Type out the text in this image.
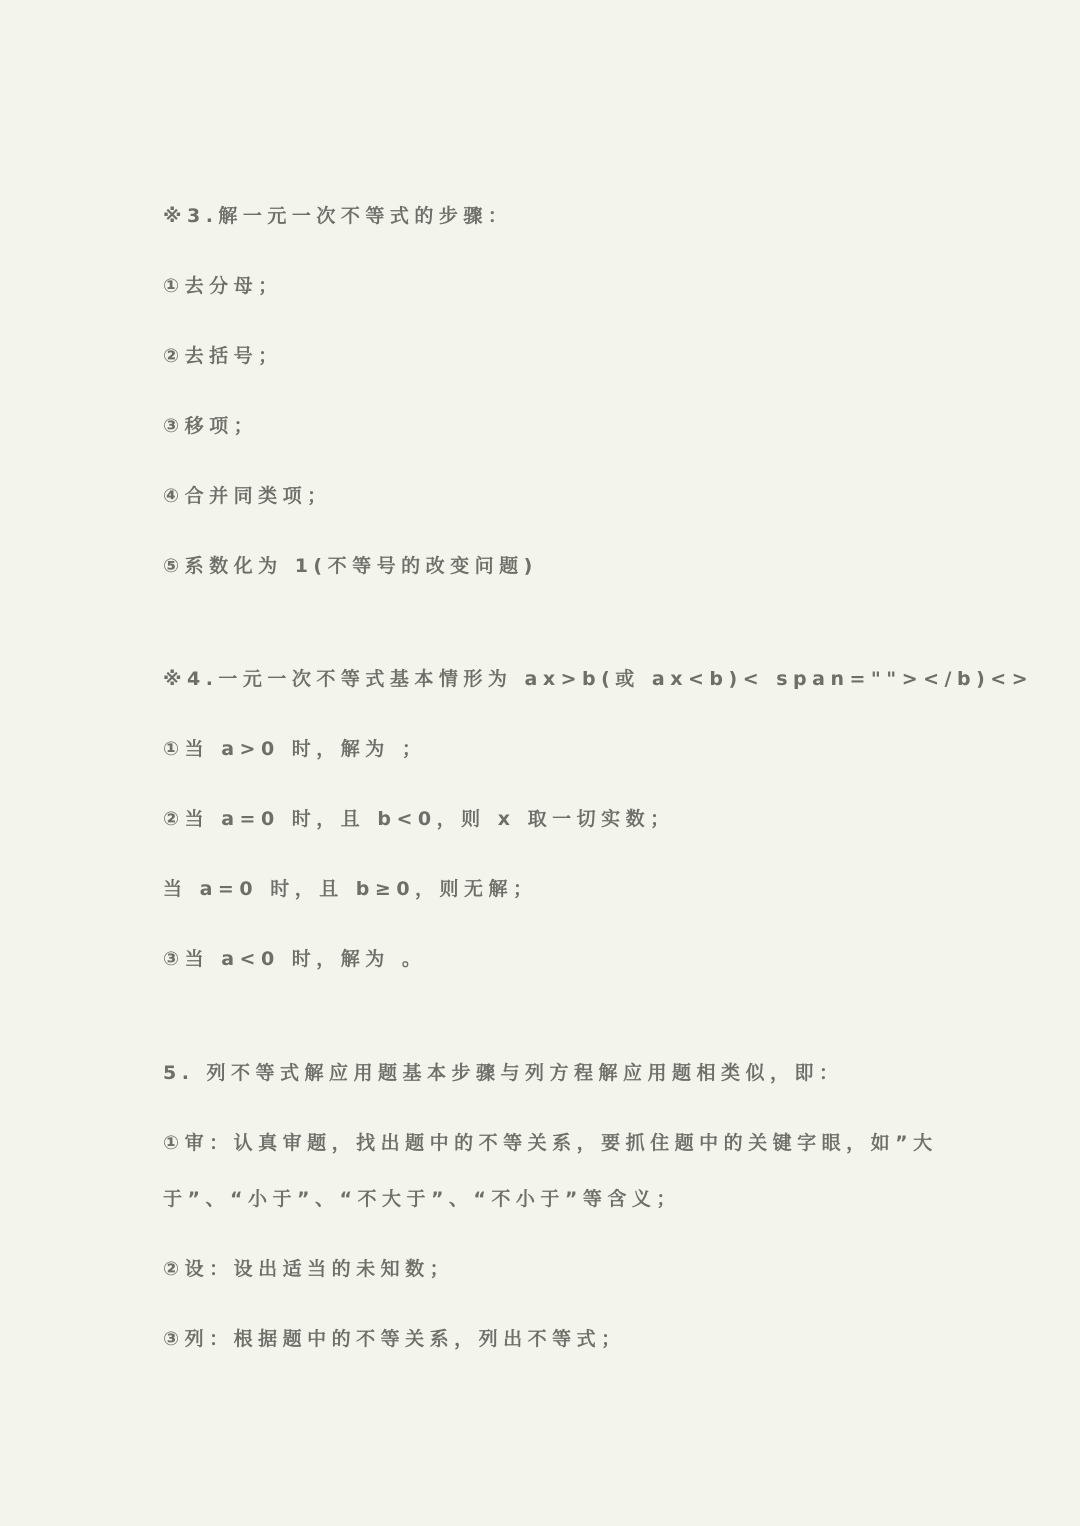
※3.解一元一次不等式的步骤：

①去分母；

②去括号；

③移项；

④合并同类项；

⑤系数化为 1(不等号的改变问题)

※4.一元一次不等式基本情形为 ax>b(或 ax<b)< span=""></b)<>

①当 a>0 时，解为 ；

②当 a=0 时，且 b<0，则 x 取一切实数；

当 a=0 时，且 b≥0，则无解；

③当 a<0 时，解为 。

5. 列不等式解应用题基本步骤与列方程解应用题相类似，即：

①审：认真审题，找出题中的不等关系，要抓住题中的关键字眼，如”大

于”、“小于”、“不大于”、“不小于”等含义；

②设：设出适当的未知数；

③列：根据题中的不等关系，列出不等式；
